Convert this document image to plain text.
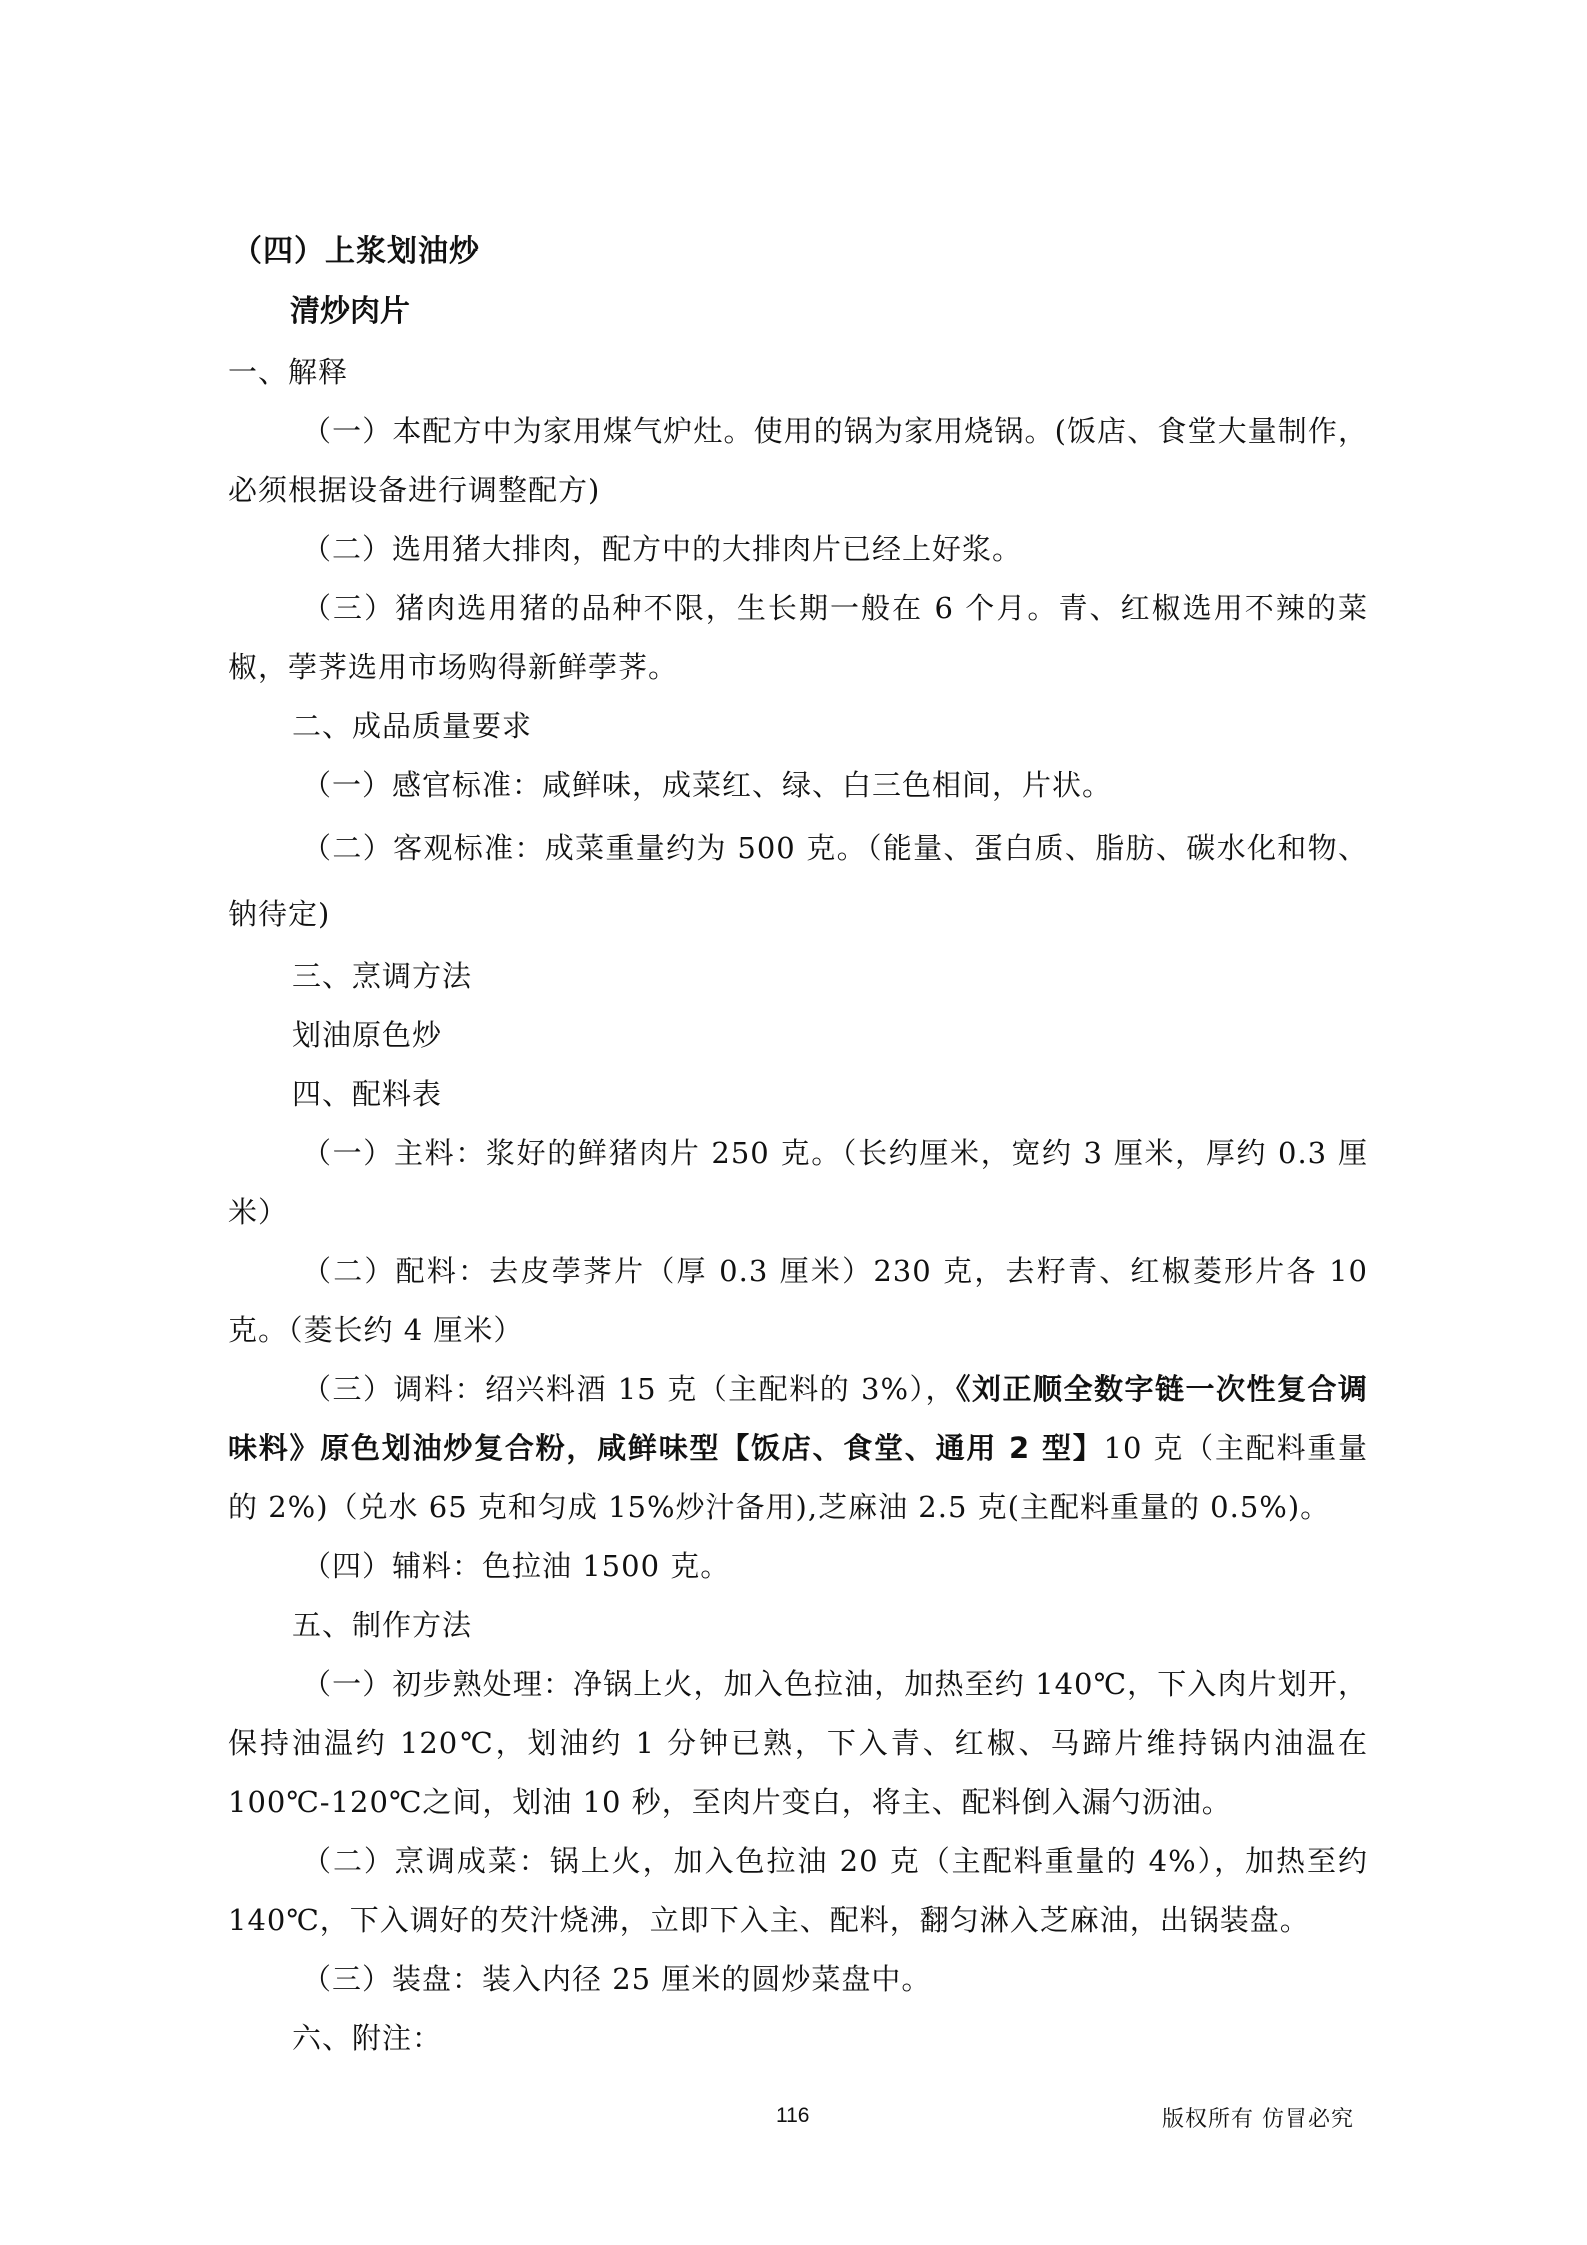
（四）上浆划油炒
清炒肉片
一、解释

（一）本配方中为家用煤气炉灶。使用的锅为家用烧锅。(饭店、食堂大量制作，必须根据设备进行调整配方)

（二）选用猪大排肉，配方中的大排肉片已经上好浆。

（三）猪肉选用猪的品种不限，生长期一般在 6 个月。青、红椒选用不辣的菜椒，荸荠选用市场购得新鲜荸荠。

二、成品质量要求

（一）感官标准：咸鲜味，成菜红、绿、白三色相间，片状。

（二）客观标准：成菜重量约为 500 克。（能量、蛋白质、脂肪、碳水化和物、钠待定)

三、烹调方法
划油原色炒
四、配料表

（一）主料：浆好的鲜猪肉片 250 克。（长约厘米，宽约 3 厘米，厚约 0.3 厘米）

（二）配料：去皮荸荠片（厚 0.3 厘米）230 克，去籽青、红椒菱形片各 10 克。（菱长约 4 厘米）

（三）调料：绍兴料酒 15 克（主配料的 3%），《刘正顺全数字链一次性复合调味料》原色划油炒复合粉，咸鲜味型【饭店、食堂、通用 2 型】10 克（主配料重量的 2%)（兑水 65 克和匀成 15%炒汁备用),芝麻油 2.5 克(主配料重量的 0.5%)。

（四）辅料：色拉油 1500 克。

五、制作方法

（一）初步熟处理：净锅上火，加入色拉油，加热至约 140℃，下入肉片划开，保持油温约 120℃，划油约 1 分钟已熟，下入青、红椒、马蹄片维持锅内油温在 100℃-120℃之间，划油 10 秒，至肉片变白，将主、配料倒入漏勺沥油。

（二）烹调成菜：锅上火，加入色拉油 20 克（主配料重量的 4%），加热至约 140℃，下入调好的芡汁烧沸，立即下入主、配料，翻匀淋入芝麻油，出锅装盘。

（三）装盘：装入内径 25 厘米的圆炒菜盘中。

六、附注：
116	版权所有 仿冒必究
